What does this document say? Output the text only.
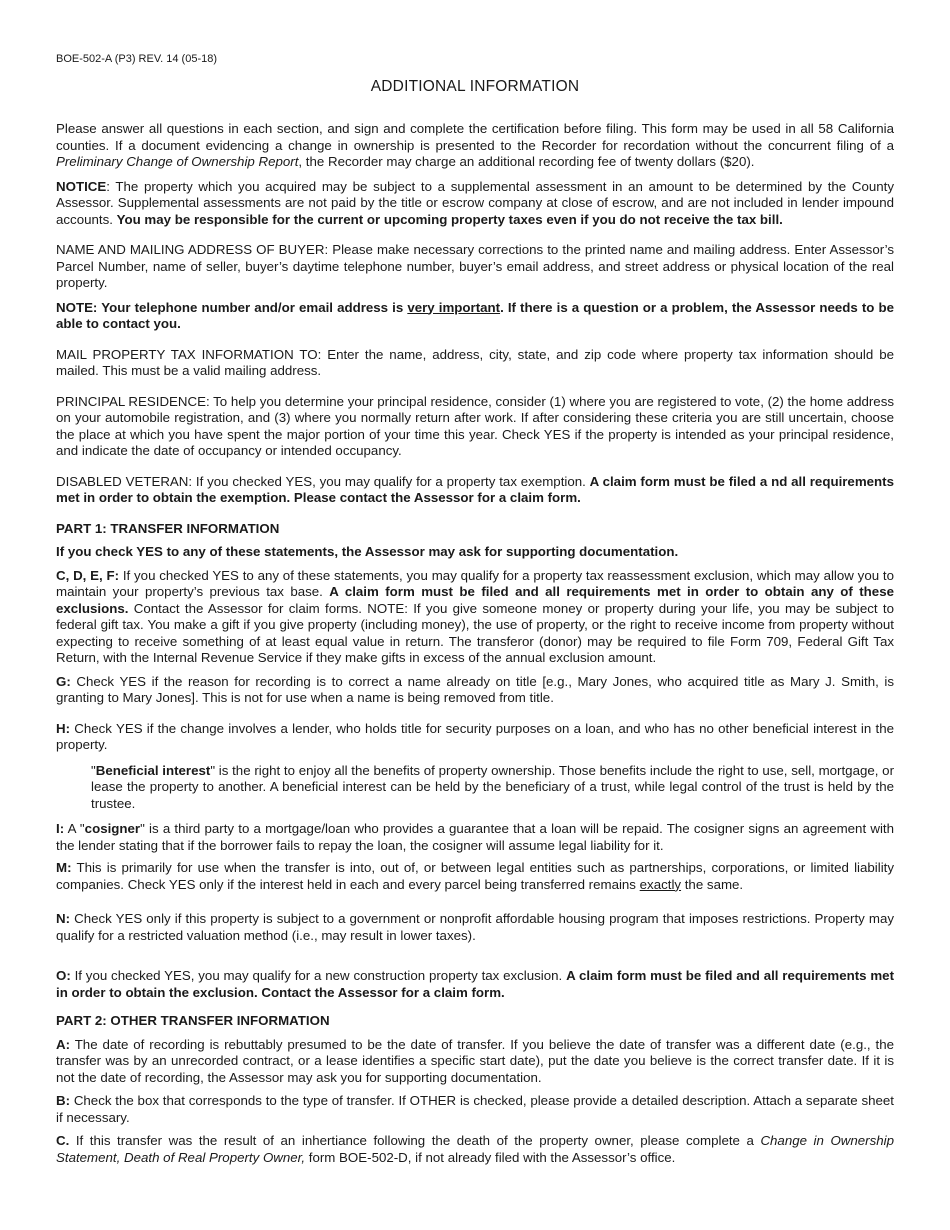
BOE-502-A (P3) REV. 14 (05-18)
ADDITIONAL INFORMATION

Please answer all questions in each section, and sign and complete the certification before filing. This form may be used in all 58 California counties. If a document evidencing a change in ownership is presented to the Recorder for recordation without the concurrent filing of a Preliminary Change of Ownership Report, the Recorder may charge an additional recording fee of twenty dollars ($20).

NOTICE: The property which you acquired may be subject to a supplemental assessment in an amount to be determined by the County Assessor. Supplemental assessments are not paid by the title or escrow company at close of escrow, and are not included in lender impound accounts. You may be responsible for the current or upcoming property taxes even if you do not receive the tax bill.

NAME AND MAILING ADDRESS OF BUYER: Please make necessary corrections to the printed name and mailing address. Enter Assessor’s Parcel Number, name of seller, buyer’s daytime telephone number, buyer’s email address, and street address or physical location of the real property.

NOTE: Your telephone number and/or email address is very important. If there is a question or a problem, the Assessor needs to be able to contact you.

MAIL PROPERTY TAX INFORMATION TO: Enter the name, address, city, state, and zip code where property tax information should be mailed. This must be a valid mailing address.

PRINCIPAL RESIDENCE: To help you determine your principal residence, consider (1) where you are registered to vote, (2) the home address on your automobile registration, and (3) where you normally return after work. If after considering these criteria you are still uncertain, choose the place at which you have spent the major portion of your time this year. Check YES if the property is intended as your principal residence, and indicate the date of occupancy or intended occupancy.

DISABLED VETERAN: If you checked YES, you may qualify for a property tax exemption. A claim form must be filed a nd all requirements met in order to obtain the exemption. Please contact the Assessor for a claim form.

PART 1: TRANSFER INFORMATION

If you check YES to any of these statements, the Assessor may ask for supporting documentation.

C, D, E, F: If you checked YES to any of these statements, you may qualify for a property tax reassessment exclusion, which may allow you to maintain your property’s previous tax base. A claim form must be filed and all requirements met in order to obtain any of these exclusions. Contact the Assessor for claim forms. NOTE: If you give someone money or property during your life, you may be subject to federal gift tax. You make a gift if you give property (including money), the use of property, or the right to receive income from property without expecting to receive something of at least equal value in return. The transferor (donor) may be required to file Form 709, Federal Gift Tax Return, with the Internal Revenue Service if they make gifts in excess of the annual exclusion amount.

G: Check YES if the reason for recording is to correct a name already on title [e.g., Mary Jones, who acquired title as Mary J. Smith, is granting to Mary Jones]. This is not for use when a name is being removed from title.

H: Check YES if the change involves a lender, who holds title for security purposes on a loan, and who has no other beneficial interest in the property.

"Beneficial interest" is the right to enjoy all the benefits of property ownership. Those benefits include the right to use, sell, mortgage, or lease the property to another. A beneficial interest can be held by the beneficiary of a trust, while legal control of the trust is held by the trustee.

I: A "cosigner" is a third party to a mortgage/loan who provides a guarantee that a loan will be repaid. The cosigner signs an agreement with the lender stating that if the borrower fails to repay the loan, the cosigner will assume legal liability for it.

M: This is primarily for use when the transfer is into, out of, or between legal entities such as partnerships, corporations, or limited liability companies. Check YES only if the interest held in each and every parcel being transferred remains exactly the same.

N: Check YES only if this property is subject to a government or nonprofit affordable housing program that imposes restrictions. Property may qualify for a restricted valuation method (i.e., may result in lower taxes).

O: If you checked YES, you may qualify for a new construction property tax exclusion. A claim form must be filed and all requirements met in order to obtain the exclusion. Contact the Assessor for a claim form.

PART 2: OTHER TRANSFER INFORMATION

A: The date of recording is rebuttably presumed to be the date of transfer. If you believe the date of transfer was a different date (e.g., the transfer was by an unrecorded contract, or a lease identifies a specific start date), put the date you believe is the correct transfer date. If it is not the date of recording, the Assessor may ask you for supporting documentation.

B: Check the box that corresponds to the type of transfer. If OTHER is checked, please provide a detailed description. Attach a separate sheet if necessary.

C. If this transfer was the result of an inhertiance following the death of the property owner, please complete a Change in Ownership Statement, Death of Real Property Owner, form BOE-502-D, if not already filed with the Assessor’s office.
